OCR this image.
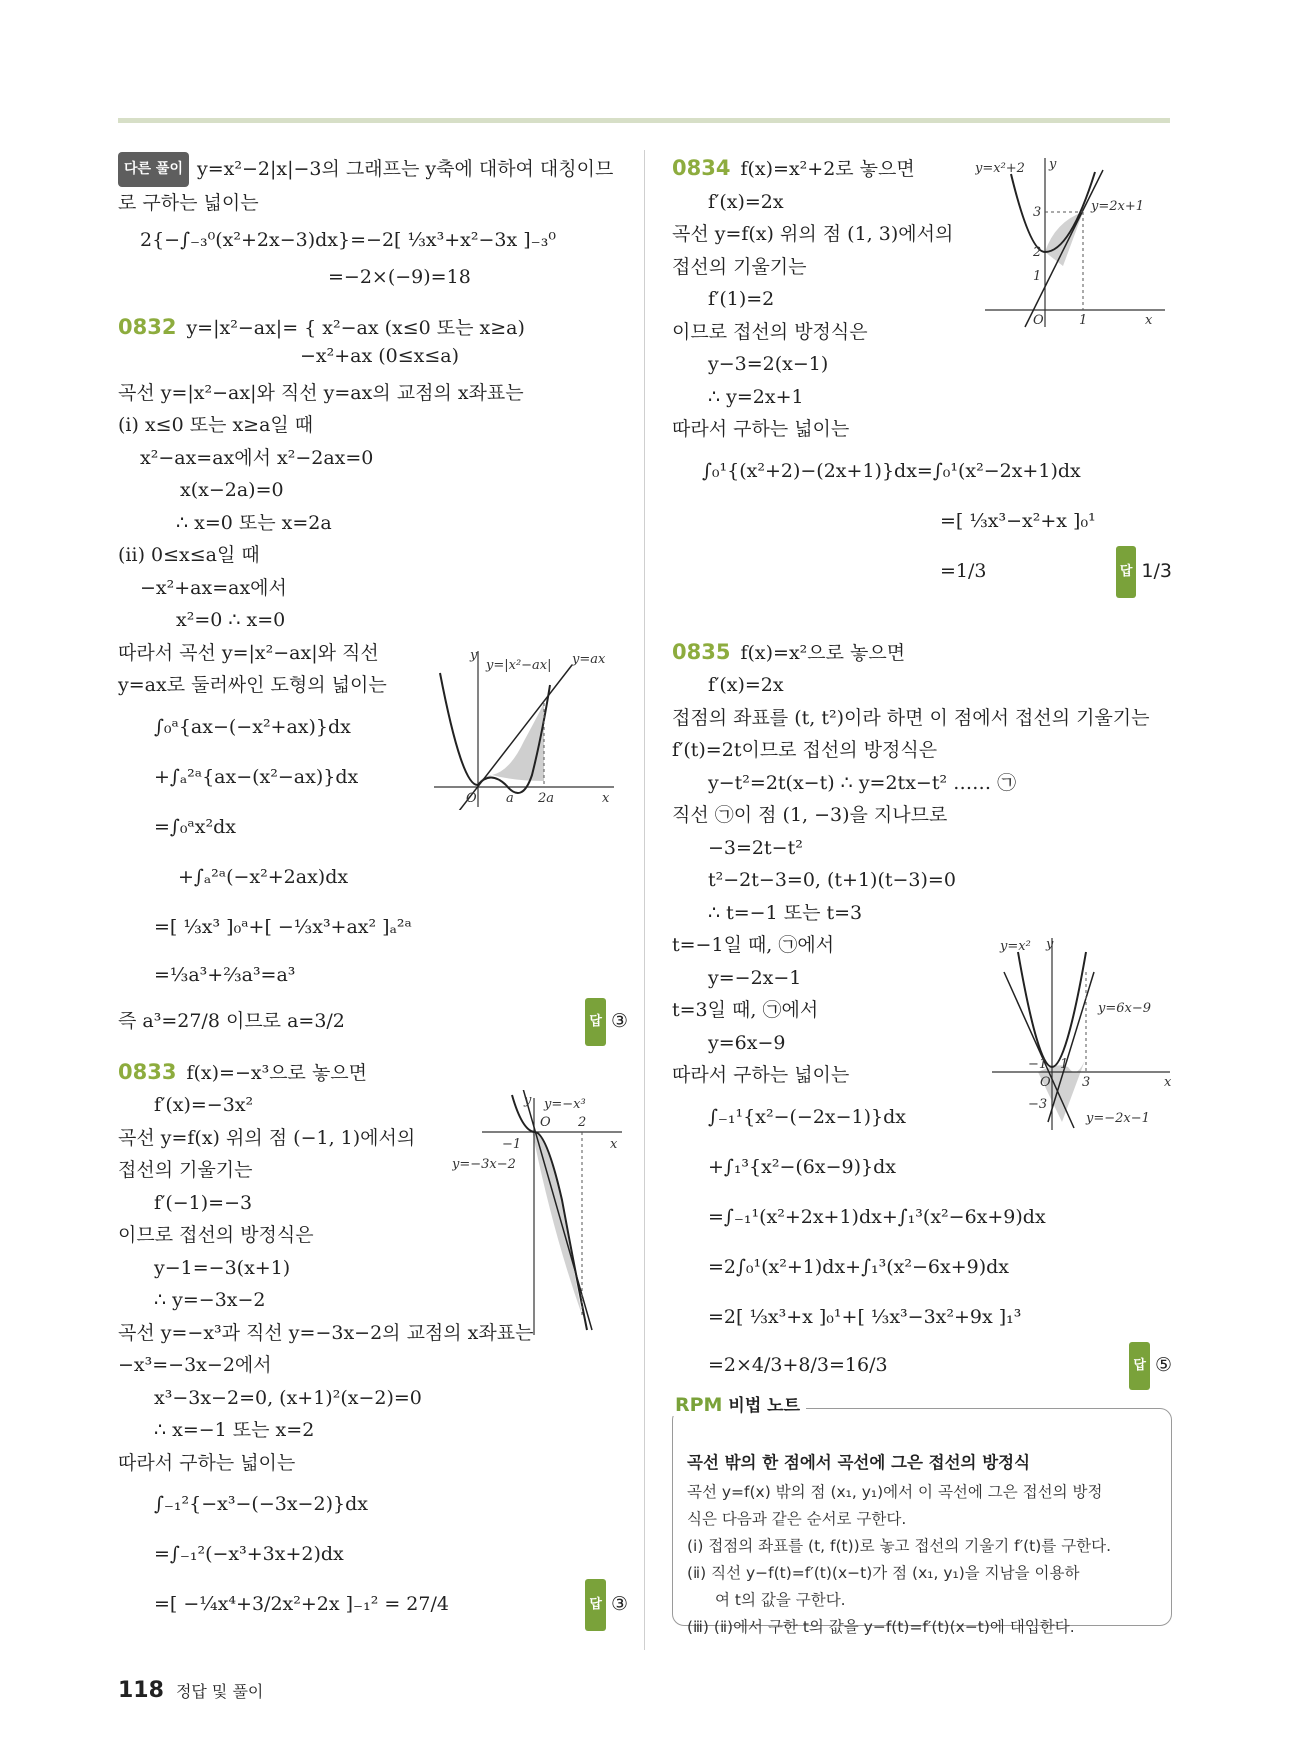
다른 풀이 y=x²−2|x|−3의 그래프는 y축에 대하여 대칭이므
로 구하는 넓이는
2{−∫₋₃⁰(x²+2x−3)dx}=−2[ ⅓x³+x²−3x ]₋₃⁰
=−2×(−9)=18
0832 y=|x²−ax|= { x²−ax (x≤0 또는 x≥a)
−x²+ax (0≤x≤a)
곡선 y=|x²−ax|와 직선 y=ax의 교점의 x좌표는
(ⅰ) x≤0 또는 x≥a일 때
x²−ax=ax에서 x²−2ax=0
x(x−2a)=0
∴ x=0 또는 x=2a
(ⅱ) 0≤x≤a일 때
−x²+ax=ax에서
x²=0 ∴ x=0
따라서 곡선 y=|x²−ax|와 직선
y=ax로 둘러싸인 도형의 넓이는
∫₀ᵃ{ax−(−x²+ax)}dx
+∫ₐ²ᵃ{ax−(x²−ax)}dx
=∫₀ᵃx²dx
+∫ₐ²ᵃ(−x²+2ax)dx
=[ ⅓x³ ]₀ᵃ+[ −⅓x³+ax² ]ₐ²ᵃ
=⅓a³+⅔a³=a³
즉 a³=27/8 이므로 a=3/2	답 ③
0833 f(x)=−x³으로 놓으면
f′(x)=−3x²
곡선 y=f(x) 위의 점 (−1, 1)에서의
접선의 기울기는
f′(−1)=−3
이므로 접선의 방정식은
y−1=−3(x+1)
∴ y=−3x−2
곡선 y=−x³과 직선 y=−3x−2의 교점의 x좌표는
−x³=−3x−2에서
x³−3x−2=0, (x+1)²(x−2)=0
∴ x=−1 또는 x=2
따라서 구하는 넓이는
∫₋₁²{−x³−(−3x−2)}dx
=∫₋₁²(−x³+3x+2)dx
=[ −¼x⁴+3/2x²+2x ]₋₁² = 27/4	답 ③
y
y=|x²−ax| y=ax
O a 2a	x
y y=−x³
O 2
−1
y=−3x−2
x
0834 f(x)=x²+2로 놓으면
f′(x)=2x
곡선 y=f(x) 위의 점 (1, 3)에서의
접선의 기울기는
f′(1)=2
이므로 접선의 방정식은
y−3=2(x−1)
∴ y=2x+1
따라서 구하는 넓이는
∫₀¹{(x²+2)−(2x+1)}dx=∫₀¹(x²−2x+1)dx
=[ ⅓x³−x²+x ]₀¹
=1/3	답 1/3
0835 f(x)=x²으로 놓으면
f′(x)=2x
접점의 좌표를 (t, t²)이라 하면 이 점에서 접선의 기울기는
f′(t)=2t이므로 접선의 방정식은
y−t²=2t(x−t) ∴ y=2tx−t² …… ㉠
직선 ㉠이 점 (1, −3)을 지나므로
−3=2t−t²
t²−2t−3=0, (t+1)(t−3)=0
∴ t=−1 또는 t=3
t=−1일 때, ㉠에서
y=−2x−1
t=3일 때, ㉠에서
y=6x−9
따라서 구하는 넓이는
∫₋₁¹{x²−(−2x−1)}dx
+∫₁³{x²−(6x−9)}dx
=∫₋₁¹(x²+2x+1)dx+∫₁³(x²−6x+9)dx
=2∫₀¹(x²+1)dx+∫₁³(x²−6x+9)dx
=2[ ⅓x³+x ]₀¹+[ ⅓x³−3x²+9x ]₁³
=2×4/3+8/3=16/3	답 ⑤
y=x²+2 y
y=2x+1
3
2
1
O	1	x
y=x² y
y=6x−9
y=−2x−1
−1 1
O 3
−3
x
RPM 비법 노트
곡선 밖의 한 점에서 곡선에 그은 접선의 방정식
곡선 y=f(x) 밖의 점 (x₁, y₁)에서 이 곡선에 그은 접선의 방정
식은 다음과 같은 순서로 구한다.
(ⅰ) 접점의 좌표를 (t, f(t))로 놓고 접선의 기울기 f′(t)를 구한다.
(ⅱ) 직선 y−f(t)=f′(t)(x−t)가 점 (x₁, y₁)을 지남을 이용하
여 t의 값을 구한다.
(ⅲ) (ⅱ)에서 구한 t의 값을 y−f(t)=f′(t)(x−t)에 대입한다.
118 정답 및 풀이
